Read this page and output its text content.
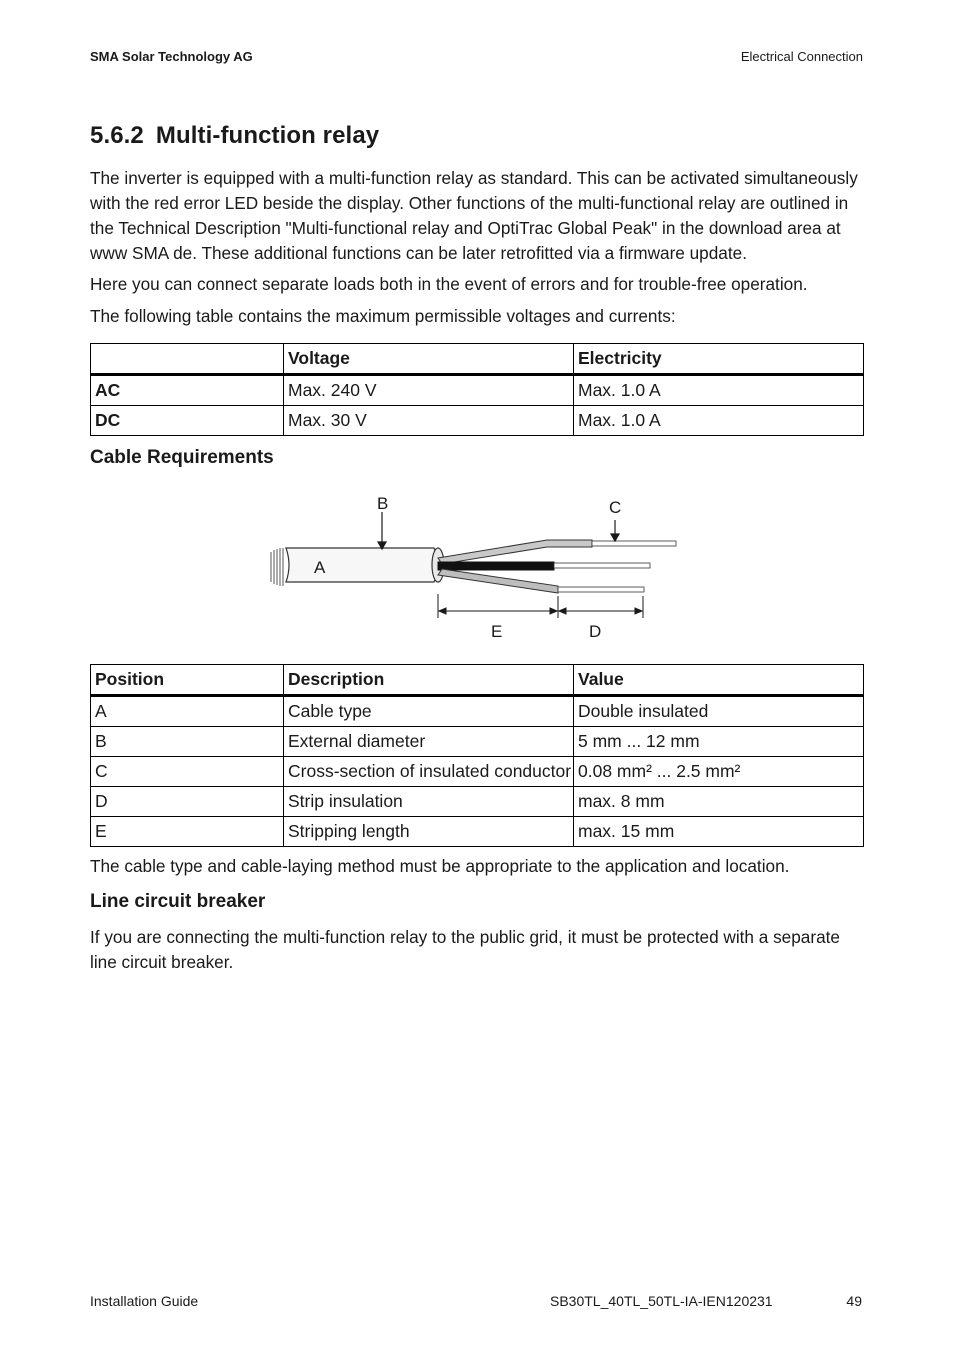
SMA Solar Technology AG	Electrical Connection
5.6.2 Multi-function relay

The inverter is equipped with a multi-function relay as standard. This can be activated simultaneously with the red error LED beside the display. Other functions of the multi-functional relay are outlined in the Technical Description "Multi-functional relay and OptiTrac Global Peak" in the download area at www SMA de. These additional functions can be later retrofitted via a firmware update.

Here you can connect separate loads both in the event of errors and for trouble-free operation.

The following table contains the maximum permissible voltages and currents:

	Voltage	Electricity
AC	Max. 240 V	Max. 1.0 A
DC	Max. 30 V	Max. 1.0 A
Cable Requirements
A
B	C
D
E
Position	Description	Value
A	Cable type	Double insulated
B	External diameter	5 mm ... 12 mm
C	Cross-section of insulated conductor	0.08 mm² ... 2.5 mm²
D	Strip insulation	max. 8 mm
E	Stripping length	max. 15 mm

The cable type and cable-laying method must be appropriate to the application and location.

Line circuit breaker

If you are connecting the multi-function relay to the public grid, it must be protected with a separate line circuit breaker.

Installation Guide	SB30TL_40TL_50TL-IA-IEN120231	49
